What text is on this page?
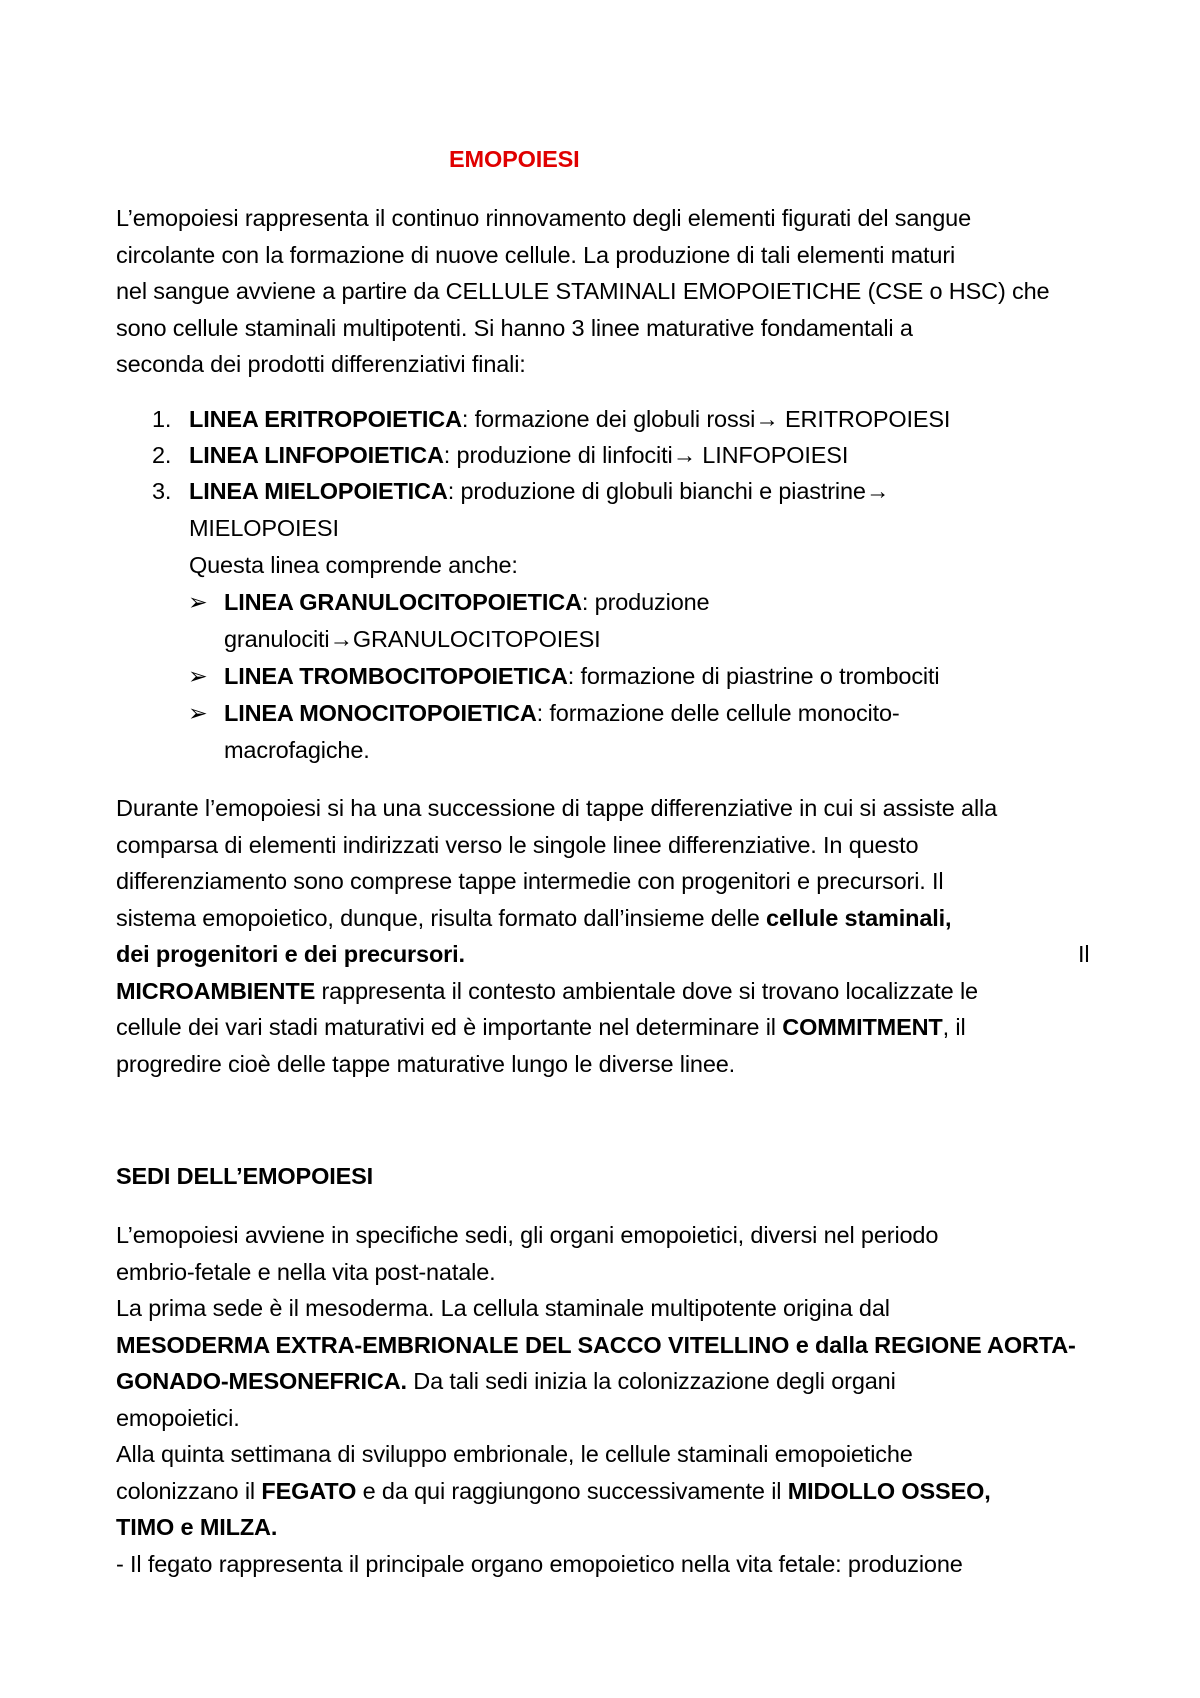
EMOPOIESI
L’emopoiesi rappresenta il continuo rinnovamento degli elementi figurati del sangue
circolante con la formazione di nuove cellule. La produzione di tali elementi maturi
nel sangue avviene a partire da CELLULE STAMINALI EMOPOIETICHE (CSE o HSC) che
sono cellule staminali multipotenti. Si hanno 3 linee maturative fondamentali a
seconda dei prodotti differenziativi finali:
1. LINEA ERITROPOIETICA: formazione dei globuli rossi→ ERITROPOIESI
2. LINEA LINFOPOIETICA: produzione di linfociti→ LINFOPOIESI
3. LINEA MIELOPOIETICA: produzione di globuli bianchi e piastrine→
MIELOPOIESI
Questa linea comprende anche:
➢ LINEA GRANULOCITOPOIETICA: produzione
granulociti→GRANULOCITOPOIESI
➢ LINEA TROMBOCITOPOIETICA: formazione di piastrine o trombociti
➢ LINEA MONOCITOPOIETICA: formazione delle cellule monocito-
macrofagiche.
Durante l’emopoiesi si ha una successione di tappe differenziative in cui si assiste alla
comparsa di elementi indirizzati verso le singole linee differenziative. In questo
differenziamento sono comprese tappe intermedie con progenitori e precursori. Il
sistema emopoietico, dunque, risulta formato dall’insieme delle cellule staminali,
dei progenitori e dei precursori.	Il
MICROAMBIENTE rappresenta il contesto ambientale dove si trovano localizzate le
cellule dei vari stadi maturativi ed è importante nel determinare il COMMITMENT, il
progredire cioè delle tappe maturative lungo le diverse linee.
SEDI DELL’EMOPOIESI
L’emopoiesi avviene in specifiche sedi, gli organi emopoietici, diversi nel periodo
embrio-fetale e nella vita post-natale.
La prima sede è il mesoderma. La cellula staminale multipotente origina dal
MESODERMA EXTRA-EMBRIONALE DEL SACCO VITELLINO e dalla REGIONE AORTA-
GONADO-MESONEFRICA. Da tali sedi inizia la colonizzazione degli organi
emopoietici.
Alla quinta settimana di sviluppo embrionale, le cellule staminali emopoietiche
colonizzano il FEGATO e da qui raggiungono successivamente il MIDOLLO OSSEO,
TIMO e MILZA.
- Il fegato rappresenta il principale organo emopoietico nella vita fetale: produzione
